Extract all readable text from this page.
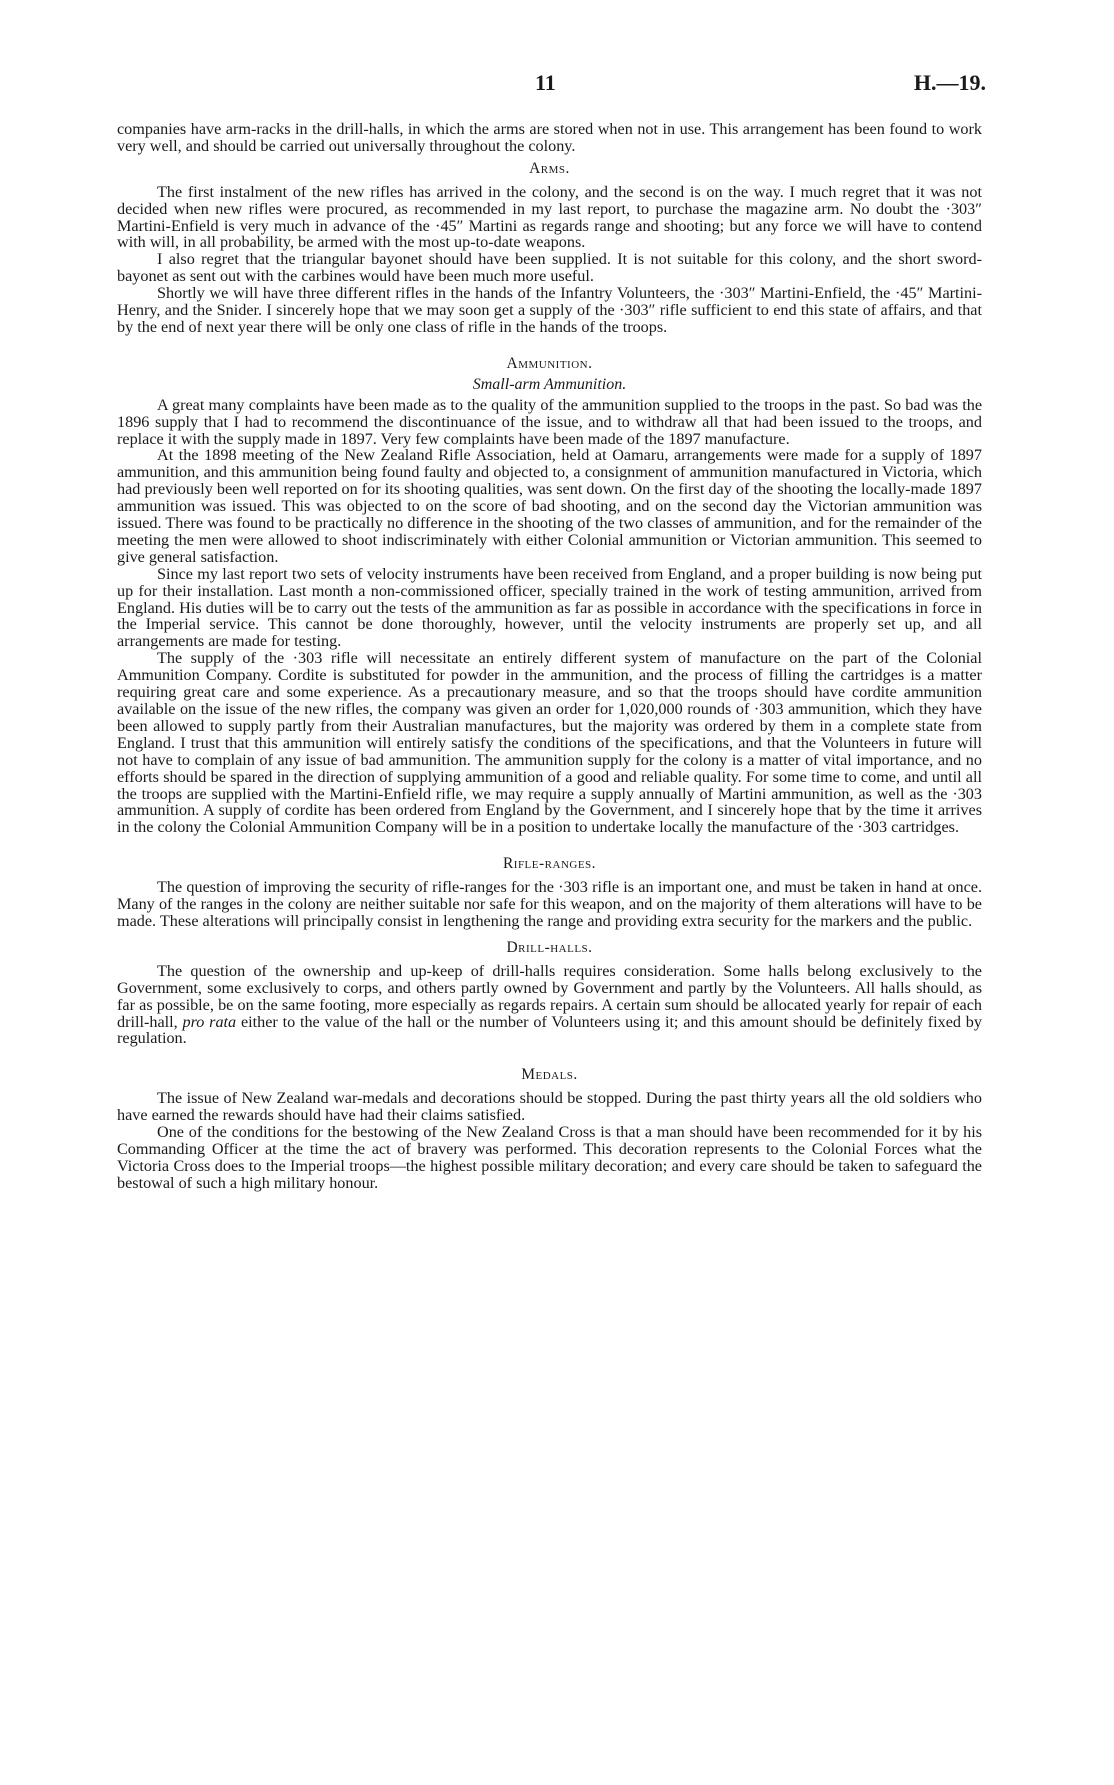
11	H.—19.

companies have arm-racks in the drill-halls, in which the arms are stored when not in use. This arrangement has been found to work very well, and should be carried out universally throughout the colony.

Arms.

The first instalment of the new rifles has arrived in the colony, and the second is on the way. I much regret that it was not decided when new rifles were procured, as recommended in my last report, to purchase the magazine arm. No doubt the ·303″ Martini-Enfield is very much in advance of the ·45″ Martini as regards range and shooting; but any force we will have to contend with will, in all probability, be armed with the most up-to-date weapons.

I also regret that the triangular bayonet should have been supplied. It is not suitable for this colony, and the short sword-bayonet as sent out with the carbines would have been much more useful.

Shortly we will have three different rifles in the hands of the Infantry Volunteers, the ·303″ Martini-Enfield, the ·45″ Martini-Henry, and the Snider. I sincerely hope that we may soon get a supply of the ·303″ rifle sufficient to end this state of affairs, and that by the end of next year there will be only one class of rifle in the hands of the troops.

Ammunition.
Small-arm Ammunition.

A great many complaints have been made as to the quality of the ammunition supplied to the troops in the past. So bad was the 1896 supply that I had to recommend the discontinuance of the issue, and to withdraw all that had been issued to the troops, and replace it with the supply made in 1897. Very few complaints have been made of the 1897 manufacture.

At the 1898 meeting of the New Zealand Rifle Association, held at Oamaru, arrangements were made for a supply of 1897 ammunition, and this ammunition being found faulty and objected to, a consignment of ammunition manufactured in Victoria, which had previously been well reported on for its shooting qualities, was sent down. On the first day of the shooting the locally-made 1897 ammunition was issued. This was objected to on the score of bad shooting, and on the second day the Victorian ammunition was issued. There was found to be practically no difference in the shooting of the two classes of ammunition, and for the remainder of the meeting the men were allowed to shoot indiscriminately with either Colonial ammunition or Victorian ammunition. This seemed to give general satisfaction.

Since my last report two sets of velocity instruments have been received from England, and a proper building is now being put up for their installation. Last month a non-commissioned officer, specially trained in the work of testing ammunition, arrived from England. His duties will be to carry out the tests of the ammunition as far as possible in accordance with the specifications in force in the Imperial service. This cannot be done thoroughly, however, until the velocity instruments are properly set up, and all arrangements are made for testing.

The supply of the ·303 rifle will necessitate an entirely different system of manufacture on the part of the Colonial Ammunition Company. Cordite is substituted for powder in the ammunition, and the process of filling the cartridges is a matter requiring great care and some experience. As a precautionary measure, and so that the troops should have cordite ammunition available on the issue of the new rifles, the company was given an order for 1,020,000 rounds of ·303 ammunition, which they have been allowed to supply partly from their Australian manufactures, but the majority was ordered by them in a complete state from England. I trust that this ammunition will entirely satisfy the conditions of the specifications, and that the Volunteers in future will not have to complain of any issue of bad ammunition. The ammunition supply for the colony is a matter of vital importance, and no efforts should be spared in the direction of supplying ammunition of a good and reliable quality. For some time to come, and until all the troops are supplied with the Martini-Enfield rifle, we may require a supply annually of Martini ammunition, as well as the ·303 ammunition. A supply of cordite has been ordered from England by the Government, and I sincerely hope that by the time it arrives in the colony the Colonial Ammunition Company will be in a position to undertake locally the manufacture of the ·303 cartridges.

Rifle-ranges.

The question of improving the security of rifle-ranges for the ·303 rifle is an important one, and must be taken in hand at once. Many of the ranges in the colony are neither suitable nor safe for this weapon, and on the majority of them alterations will have to be made. These alterations will principally consist in lengthening the range and providing extra security for the markers and the public.

Drill-halls.

The question of the ownership and up-keep of drill-halls requires consideration. Some halls belong exclusively to the Government, some exclusively to corps, and others partly owned by Government and partly by the Volunteers. All halls should, as far as possible, be on the same footing, more especially as regards repairs. A certain sum should be allocated yearly for repair of each drill-hall, pro rata either to the value of the hall or the number of Volunteers using it; and this amount should be definitely fixed by regulation.

Medals.

The issue of New Zealand war-medals and decorations should be stopped. During the past thirty years all the old soldiers who have earned the rewards should have had their claims satisfied.

One of the conditions for the bestowing of the New Zealand Cross is that a man should have been recommended for it by his Commanding Officer at the time the act of bravery was performed. This decoration represents to the Colonial Forces what the Victoria Cross does to the Imperial troops—the highest possible military decoration; and every care should be taken to safeguard the bestowal of such a high military honour.
